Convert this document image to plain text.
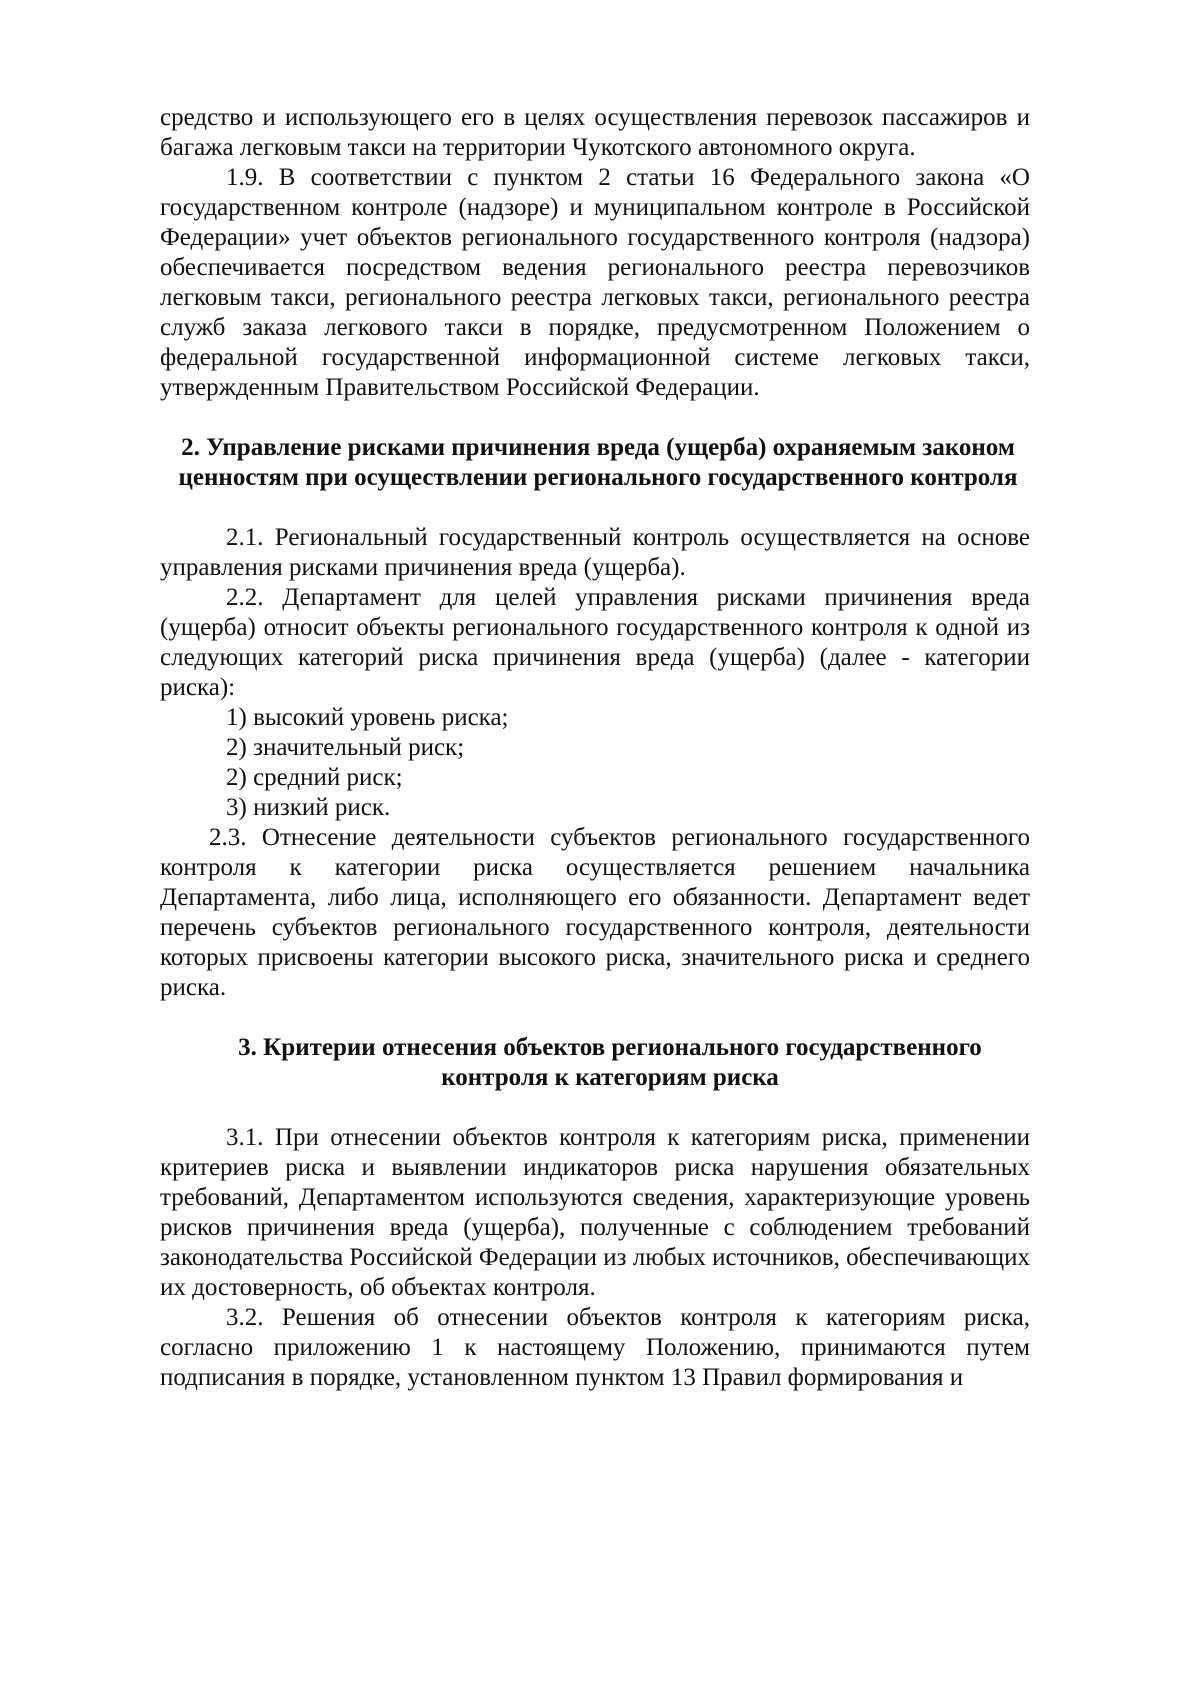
средство и использующего его в целях осуществления перевозок пассажиров и багажа легковым такси на территории Чукотского автономного округа.

1.9. В соответствии с пунктом 2 статьи 16 Федерального закона «О государственном контроле (надзоре) и муниципальном контроле в Российской Федерации» учет объектов регионального государственного контроля (надзора) обеспечивается посредством ведения регионального реестра перевозчиков легковым такси, регионального реестра легковых такси, регионального реестра служб заказа легкового такси в порядке, предусмотренном Положением о федеральной государственной информационной системе легковых такси, утвержденным Правительством Российской Федерации.

2. Управление рисками причинения вреда (ущерба) охраняемым законом ценностям при осуществлении регионального государственного контроля

2.1. Региональный государственный контроль осуществляется на основе управления рисками причинения вреда (ущерба).

2.2. Департамент для целей управления рисками причинения вреда (ущерба) относит объекты регионального государственного контроля к одной из следующих категорий риска причинения вреда (ущерба) (далее - категории риска):

1) высокий уровень риска;

2) значительный риск;

2) средний риск;

3) низкий риск.

2.3. Отнесение деятельности субъектов регионального государственного контроля к категории риска осуществляется решением начальника Департамента, либо лица, исполняющего его обязанности. Департамент ведет перечень субъектов регионального государственного контроля, деятельности которых присвоены категории высокого риска, значительного риска и среднего риска.

3. Критерии отнесения объектов регионального государственного контроля к категориям риска

3.1. При отнесении объектов контроля к категориям риска, применении критериев риска и выявлении индикаторов риска нарушения обязательных требований, Департаментом используются сведения, характеризующие уровень рисков причинения вреда (ущерба), полученные с соблюдением требований законодательства Российской Федерации из любых источников, обеспечивающих их достоверность, об объектах контроля.

3.2. Решения об отнесении объектов контроля к категориям риска, согласно приложению 1 к настоящему Положению, принимаются путем подписания в порядке, установленном пунктом 13 Правил формирования и
